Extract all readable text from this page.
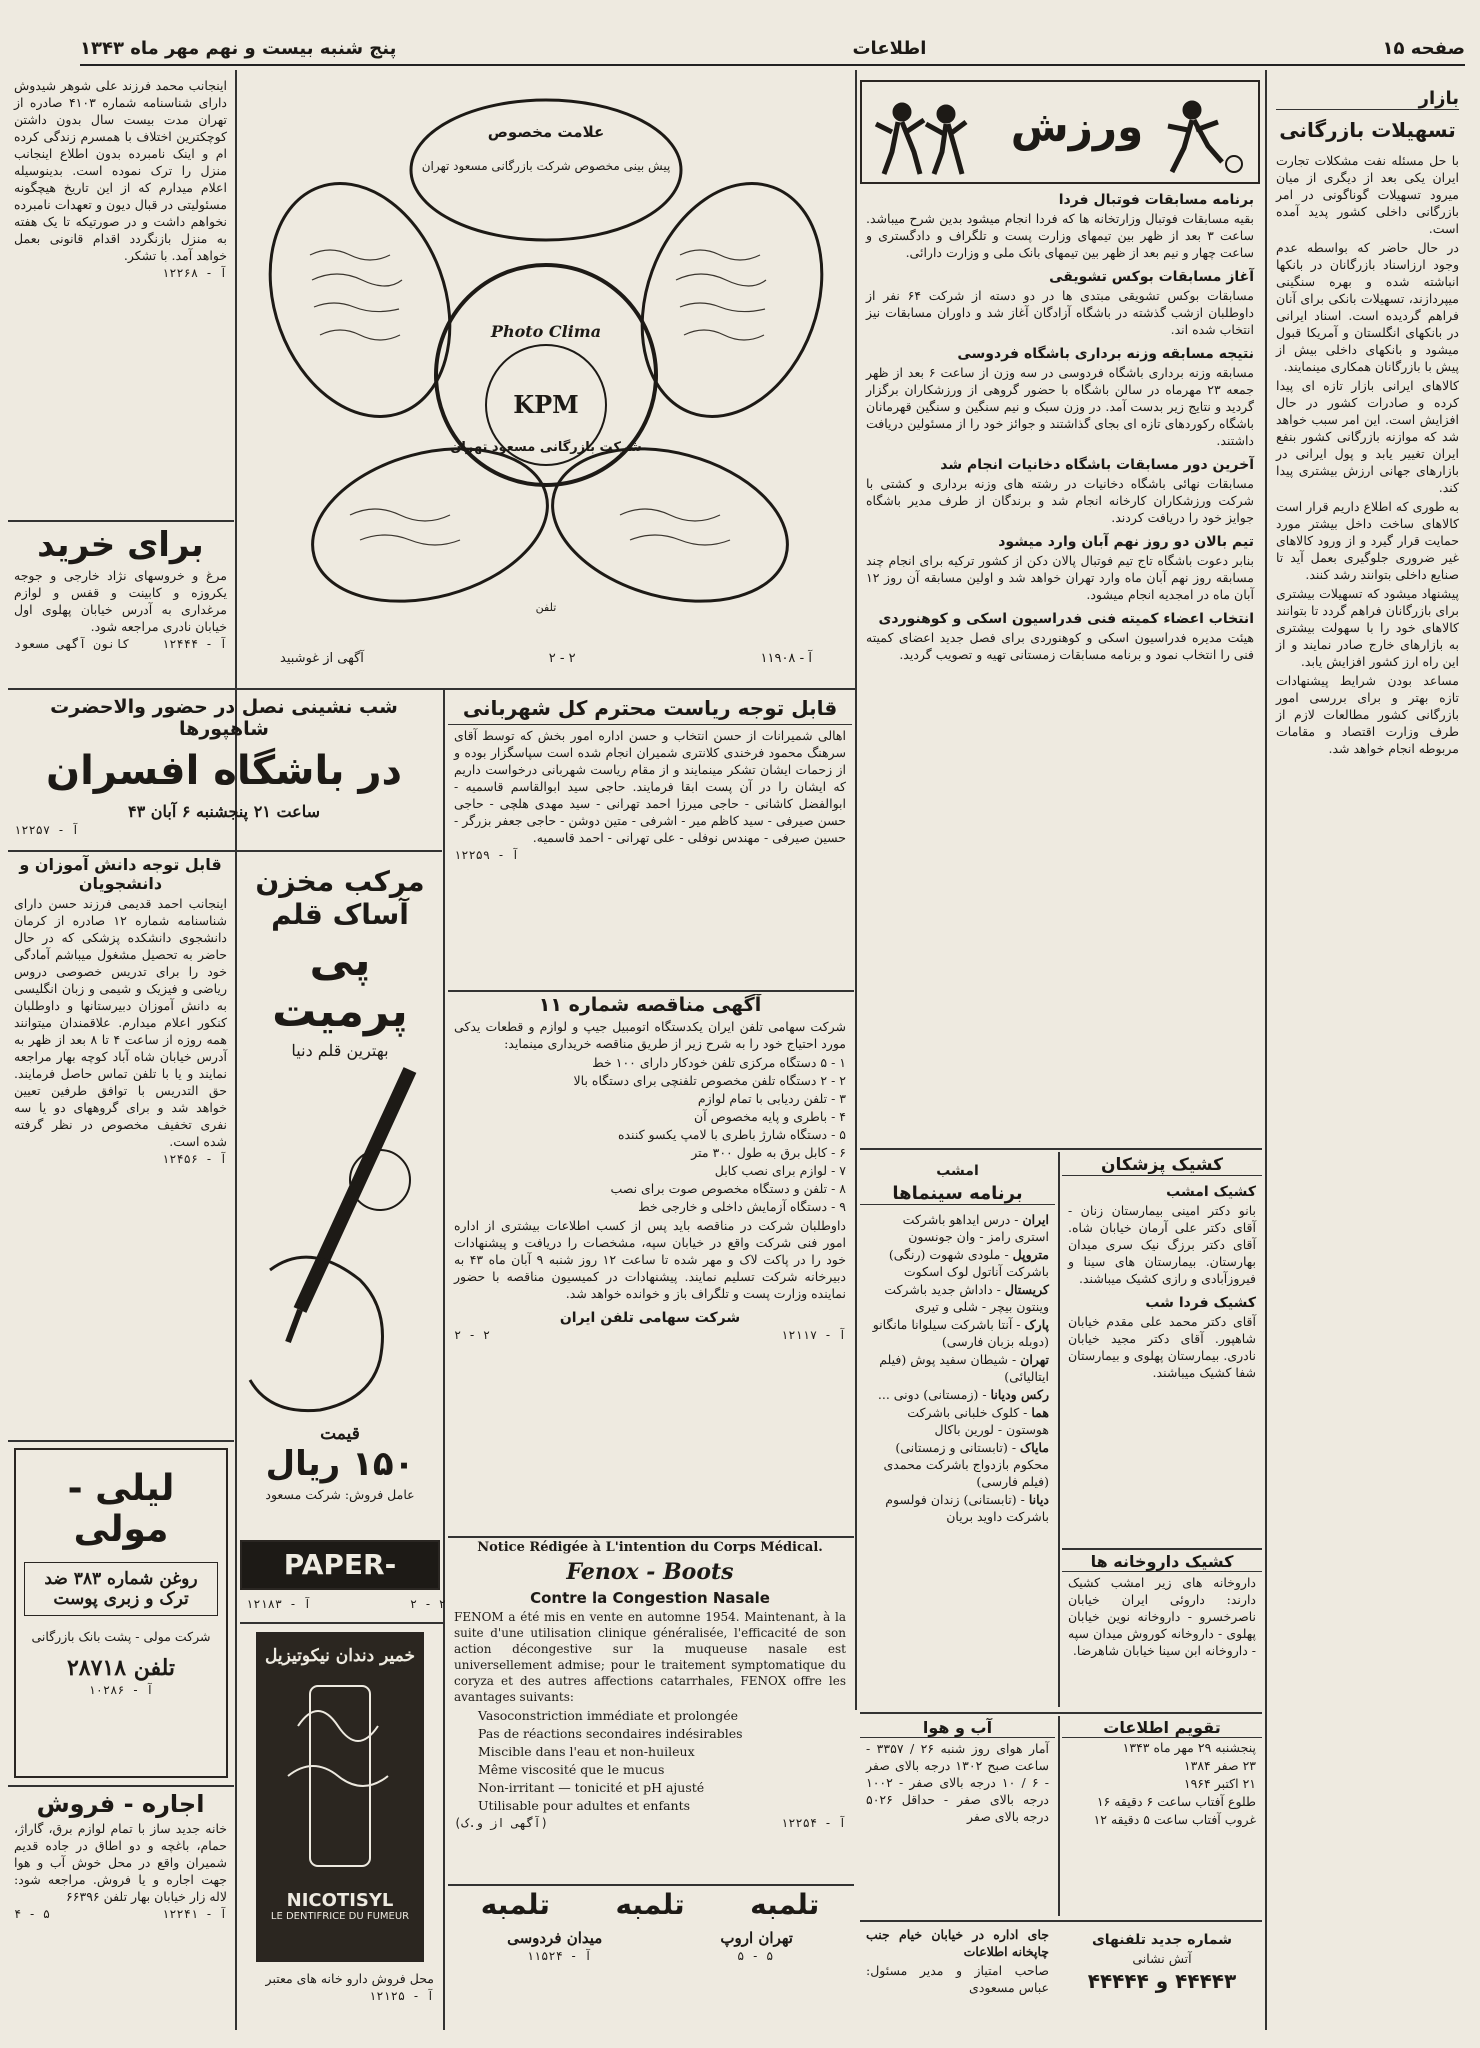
پنج شنبه بیست و نهم مهر ماه ۱۳۴۳	اطلاعات	صفحه ۱۵
بازار
تسهیلات بازرگانی
با حل مسئله نفت مشکلات تجارت ایران یکی بعد از دیگری از میان میرود تسهیلات گوناگونی در امر بازرگانی داخلی کشور پدید آمده است.
در حال حاضر که بواسطه عدم وجود ارزاسناد بازرگانان در بانکها انباشته شده و بهره سنگینی میپردازند، تسهیلات بانکی برای آنان فراهم گردیده است. اسناد ایرانی در بانکهای انگلستان و آمریکا قبول میشود و بانکهای داخلی بیش از پیش با بازرگانان همکاری مینمایند.
کالاهای ایرانی بازار تازه ای پیدا کرده و صادرات کشور در حال افزایش است. این امر سبب خواهد شد که موازنه بازرگانی کشور بنفع ایران تغییر یابد و پول ایرانی در بازارهای جهانی ارزش بیشتری پیدا کند.
به طوری که اطلاع داریم قرار است کالاهای ساخت داخل بیشتر مورد حمایت قرار گیرد و از ورود کالاهای غیر ضروری جلوگیری بعمل آید تا صنایع داخلی بتوانند رشد کنند.
پیشنهاد میشود که تسهیلات بیشتری برای بازرگانان فراهم گردد تا بتوانند کالاهای خود را با سهولت بیشتری به بازارهای خارج صادر نمایند و از این راه ارز کشور افزایش یابد.
مساعد بودن شرایط پیشنهادات تازه بهتر و برای بررسی امور بازرگانی کشور مطالعات لازم از طرف وزارت اقتصاد و مقامات مربوطه انجام خواهد شد.
ورزش
برنامه مسابقات فوتبال فردا
بقیه مسابقات فوتبال وزارتخانه ها که فردا انجام میشود بدین شرح میباشد. ساعت ۳ بعد از ظهر بین تیمهای وزارت پست و تلگراف و دادگستری و ساعت چهار و نیم بعد از ظهر بین تیمهای بانک ملی و وزارت دارائی.
آغاز مسابقات بوکس تشویقی
مسابقات بوکس تشویقی مبتدی ها در دو دسته از شرکت ۶۴ نفر از داوطلبان ازشب گذشته در باشگاه آزادگان آغاز شد و داوران مسابقات نیز انتخاب شده اند.
نتیجه مسابقه وزنه برداری باشگاه فردوسی
مسابقه وزنه برداری باشگاه فردوسی در سه وزن از ساعت ۶ بعد از ظهر جمعه ۲۳ مهرماه در سالن باشگاه با حضور گروهی از ورزشکاران برگزار گردید و نتایج زیر بدست آمد. در وزن سبک و نیم سنگین و سنگین قهرمانان باشگاه رکوردهای تازه ای بجای گذاشتند و جوائز خود را از مسئولین دریافت داشتند.
آخرین دور مسابقات باشگاه دخانیات انجام شد
مسابقات نهائی باشگاه دخانیات در رشته های وزنه برداری و کشتی با شرکت ورزشکاران کارخانه انجام شد و برندگان از طرف مدیر باشگاه جوایز خود را دریافت کردند.
تیم بالان دو روز نهم آبان وارد میشود
بنابر دعوت باشگاه تاج تیم فوتبال پالان دکن از کشور ترکیه برای انجام چند مسابقه روز نهم آبان ماه وارد تهران خواهد شد و اولین مسابقه آن روز ۱۲ آبان ماه در امجدیه انجام میشود.
انتخاب اعضاء کمیته فنی فدراسیون اسکی و کوهنوردی
هیئت مدیره فدراسیون اسکی و کوهنوردی برای فصل جدید اعضای کمیته فنی را انتخاب نمود و برنامه مسابقات زمستانی تهیه و تصویب گردید.
امشب
برنامه سینماها
ایران - درس ایداهو باشرکت استری رامز - وان جونسون
متروپل - ملودی شهوت (رنگی) باشرکت آناتول لوک اسکوت
کریستال - داداش جدید باشرکت وینتون بیچر - شلی و تیری
پارک - آنتا باشرکت سیلوانا مانگانو (دوبله بزبان فارسی)
تهران - شیطان سفید پوش (فیلم ایتالیائی)
رکس ودیانا - (زمستانی) دونی ...
هما - کلوک خلبانی باشرکت هوستون - لورین باکال
مایاک - (تابستانی و زمستانی) محکوم بازدواج باشرکت محمدی (فیلم فارسی)
دیانا - (تابستانی) زندان فولسوم باشرکت داوید بریان
کشیک پزشکان
کشیک امشب
بانو دکتر امینی بیمارستان زنان - آقای دکتر علی آرمان خیابان شاه. آقای دکتر برزگ نیک سری میدان بهارستان. بیمارستان های سینا و فیروزآبادی و رازی کشیک میباشند.
کشیک فردا شب
آقای دکتر محمد علی مقدم خیابان شاهپور. آقای دکتر مجید خیابان نادری. بیمارستان پهلوی و بیمارستان شفا کشیک میباشند.
کشیک داروخانه ها
داروخانه های زیر امشب کشیک دارند: داروئی ایران خیابان ناصرخسرو - داروخانه نوین خیابان پهلوی - داروخانه کوروش میدان سپه - داروخانه ابن سینا خیابان شاهرضا.
آب و هوا
آمار هوای روز شنبه ۲۶ / ۳۳۵۷ - ساعت صبح ۱۳۰۲ درجه بالای صفر - ۶ / ۱۰ درجه بالای صفر - ۱۰۰۲ درجه بالای صفر - حداقل ۵۰۲۶ درجه بالای صفر
تقویم اطلاعات
پنجشنبه ۲۹ مهر ماه ۱۳۴۳
۲۳ صفر ۱۳۸۴
۲۱ اکتبر ۱۹۶۴
طلوع آفتاب ساعت ۶ دقیقه ۱۶
غروب آفتاب ساعت ۵ دقیقه ۱۲
جای اداره در خیابان خیام جنب چاپخانه اطلاعات
صاحب امتیاز و مدیر مسئول: عباس مسعودی
شماره جدید تلفنهای
آتش نشانی
۴۴۴۴۳ و ۴۴۴۴۴
علامت مخصوص
پیش بینی مخصوص شرکت بازرگانی مسعود تهران
Photo Clima
KPM
شرکت بازرگانی مسعود تهران
تلفن
آ - ۱۱۹۰۸
۲ - ۲
آگهی از غوشبید
اینجانب محمد فرزند علی شوهر شیدوش دارای شناسنامه شماره ۴۱۰۳ صادره از تهران مدت بیست سال بدون داشتن کوچکترین اختلاف با همسرم زندگی کرده ام و اینک نامبرده بدون اطلاع اینجانب منزل را ترک نموده است. بدینوسیله اعلام میدارم که از این تاریخ هیچگونه مسئولیتی در قبال دیون و تعهدات نامبرده نخواهم داشت و در صورتیکه تا یک هفته به منزل بازنگردد اقدام قانونی بعمل خواهد آمد. با تشکر.
آ - ۱۲۲۶۸
برای خرید
مرغ و خروسهای نژاد خارجی و جوجه یکروزه و کابینت و قفس و لوازم مرغداری به آدرس خیابان پهلوی اول خیابان نادری مراجعه شود.
آ - ۱۲۴۴۴
کانون آگهی مسعود
شب نشینی نصل در حضور والاحضرت شاهپورها
در باشگاه افسران
ساعت ۲۱ پنجشنبه ۶ آبان ۴۳
آ - ۱۲۲۵۷
قابل توجه دانش آموزان و دانشجویان
اینجانب احمد قدیمی فرزند حسن دارای شناسنامه شماره ۱۲ صادره از کرمان دانشجوی دانشکده پزشکی که در حال حاضر به تحصیل مشغول میباشم آمادگی خود را برای تدریس خصوصی دروس ریاضی و فیزیک و شیمی و زبان انگلیسی به دانش آموزان دبیرستانها و داوطلبان کنکور اعلام میدارم. علاقمندان میتوانند همه روزه از ساعت ۴ تا ۸ بعد از ظهر به آدرس خیابان شاه آباد کوچه بهار مراجعه نمایند و یا با تلفن تماس حاصل فرمایند. حق التدریس با توافق طرفین تعیین خواهد شد و برای گروههای دو یا سه نفری تخفیف مخصوص در نظر گرفته شده است.
آ - ۱۲۴۵۶
لیلی - مولی
روغن شماره ۳۸۳ ضد ترک و زبری پوست
شرکت مولی - پشت بانک بازرگانی
تلفن ۲۸۷۱۸
آ - ۱۰۲۸۶
اجاره - فروش
خانه جدید ساز با تمام لوازم برق، گاراژ، حمام، باغچه و دو اطاق در جاده قدیم شمیران واقع در محل خوش آب و هوا جهت اجاره و یا فروش. مراجعه شود: لاله زار خیابان بهار تلفن ۶۶۳۹۶
آ - ۱۲۲۴۱
۵ - ۴
مرکب مخزن آساک قلم
پی ‌پرمیت
بهترین قلم دنیا
قیمت
۱۵۰ ریال
عامل فروش: شرکت مسعود
PAPER-
آ - ۱۲۱۸۳	۲ - ۲
خمیر دندان نیکوتیزیل
NICOTISYL
LE DENTIFRICE DU FUMEUR
قابل توجه ریاست محترم کل شهربانی
اهالی شمیرانات از حسن انتخاب و حسن اداره امور بخش که توسط آقای سرهنگ محمود فرخندی کلانتری شمیران انجام شده است سپاسگزار بوده و از زحمات ایشان تشکر مینمایند و از مقام ریاست شهربانی درخواست داریم که ایشان را در آن پست ابقا فرمایند. حاجی سید ابوالقاسم قاسمیه - ابوالفضل کاشانی - حاجی میرزا احمد تهرانی - سید مهدی هلچی - حاجی حسن صیرفی - سید کاظم میر - اشرفی - متین دوشن - حاجی جعفر بزرگر - حسین صیرفی - مهندس نوفلی - علی تهرانی - احمد قاسمیه.
آ - ۱۲۲۵۹
آگهی مناقصه شماره ۱۱
شرکت سهامی تلفن ایران یکدستگاه اتومبیل جیپ و لوازم و قطعات یدکی مورد احتیاج خود را به شرح زیر از طریق مناقصه خریداری مینماید:
۱ - ۵ دستگاه مرکزی تلفن خودکار دارای ۱۰۰ خط
۲ - ۲ دستگاه تلفن مخصوص تلفنچی برای دستگاه بالا
۳ - تلفن ردیابی با تمام لوازم
۴ - باطری و پایه مخصوص آن
۵ - دستگاه شارژ باطری با لامپ یکسو کننده
۶ - کابل برق به طول ۳۰۰ متر
۷ - لوازم برای نصب کابل
۸ - تلفن و دستگاه مخصوص صوت برای نصب
۹ - دستگاه آزمایش داخلی و خارجی خط
داوطلبان شرکت در مناقصه باید پس از کسب اطلاعات بیشتری از اداره امور فنی شرکت واقع در خیابان سپه، مشخصات را دریافت و پیشنهادات خود را در پاکت لاک و مهر شده تا ساعت ۱۲ روز شنبه ۹ آبان ماه ۴۳ به دبیرخانه شرکت تسلیم نمایند. پیشنهادات در کمیسیون مناقصه با حضور نماینده وزارت پست و تلگراف باز و خوانده خواهد شد.
شرکت سهامی تلفن ایران
آ - ۱۲۱۱۷
۲ - ۲
Notice Rédigée à L'intention du Corps Médical.
Fenox - Boots
Contre la Congestion Nasale
FENOM a été mis en vente en automne 1954. Maintenant, à la suite d'une utilisation clinique généralisée, l'efficacité de son action décongestive sur la muqueuse nasale est universellement admise; pour le traitement symptomatique du coryza et des autres affections catarrhales, FENOX offre les avantages suivants:
Vasoconstriction immédiate et prolongée
Pas de réactions secondaires indésirables
Miscible dans l'eau et non-huileux
Même viscosité que le mucus
Non-irritant — tonicité et pH ajusté
Utilisable pour adultes et enfants
آ - ۱۲۲۵۴
(آگهی از و.ک)
تلمبه
تلمبه
تلمبه
تهران اروپ
میدان فردوسی
۵ - ۵
آ - ۱۱۵۲۴
محل فروش دارو خانه های معتبر
آ - ۱۲۱۲۵
